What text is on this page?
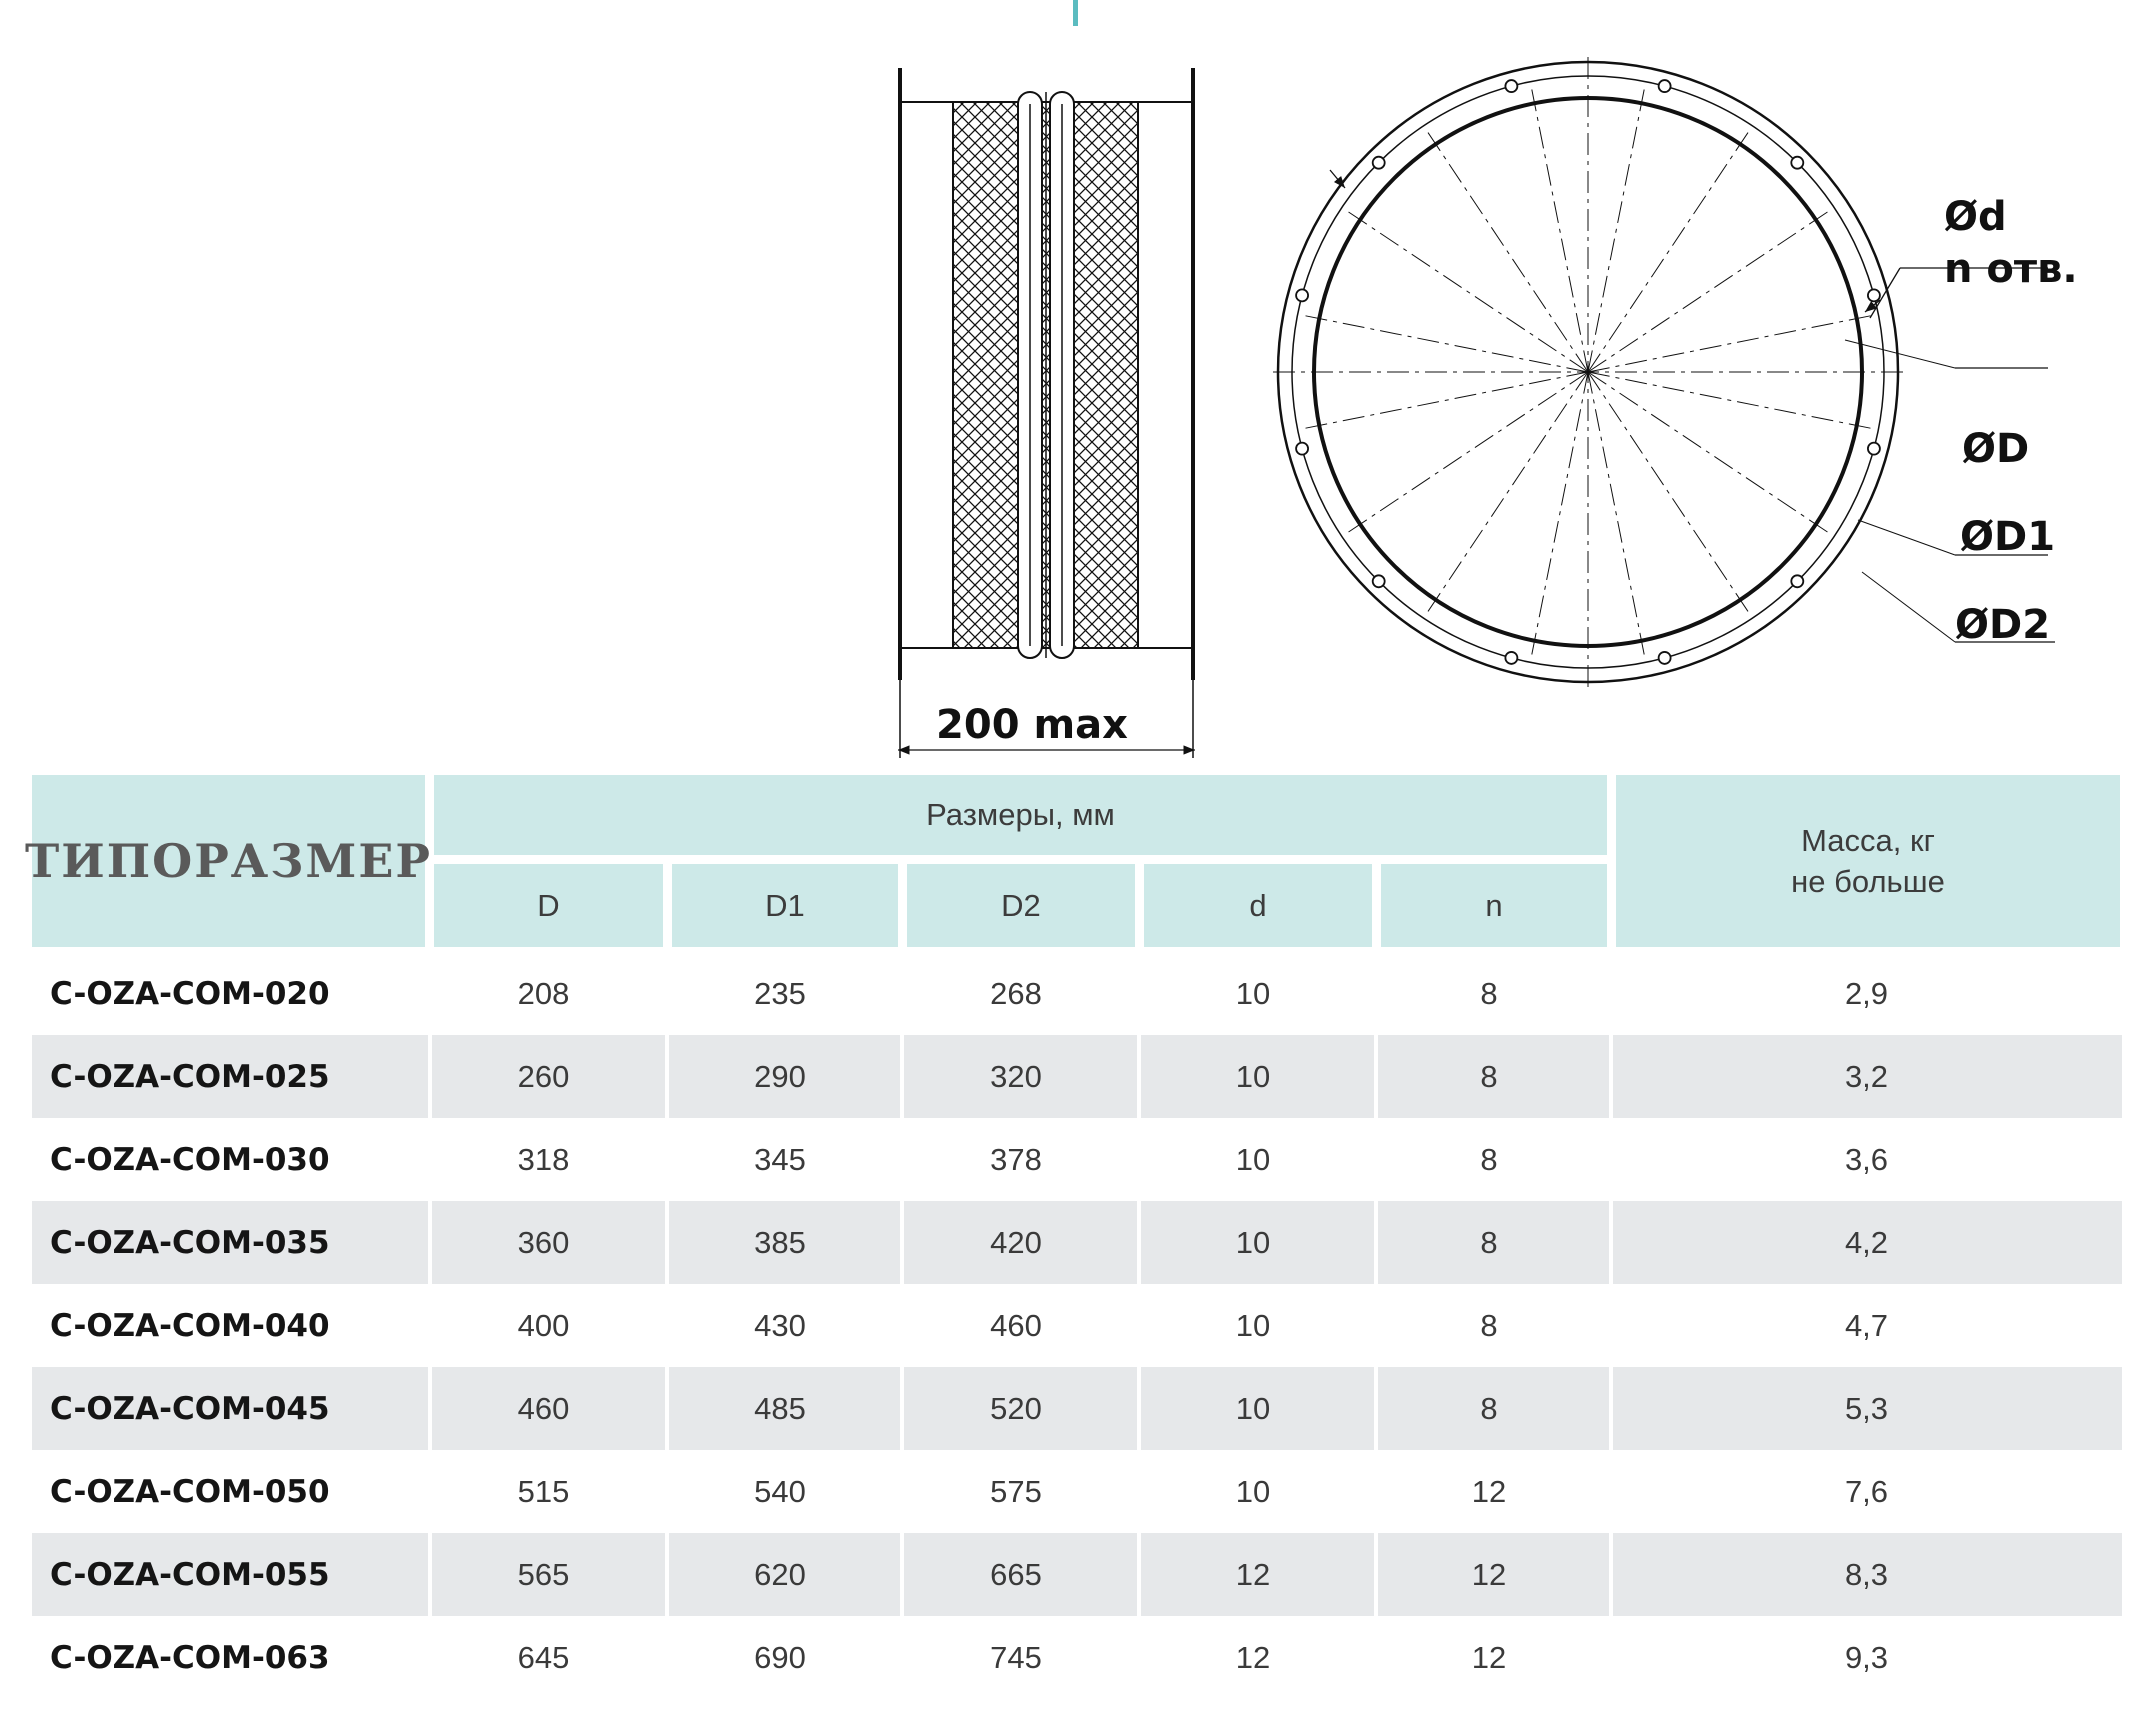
200 max
Ød
n отв.
ØD
ØD1
ØD2
ТИПОРАЗМЕР
Размеры, мм
D	D1	D2	d	n
Масса, кг
не больше
C-OZA-COM-020	208	235	268	10	8	2,9
C-OZA-COM-025	260	290	320	10	8	3,2
C-OZA-COM-030	318	345	378	10	8	3,6
C-OZA-COM-035	360	385	420	10	8	4,2
C-OZA-COM-040	400	430	460	10	8	4,7
C-OZA-COM-045	460	485	520	10	8	5,3
C-OZA-COM-050	515	540	575	10	12	7,6
C-OZA-COM-055	565	620	665	12	12	8,3
C-OZA-COM-063	645	690	745	12	12	9,3
